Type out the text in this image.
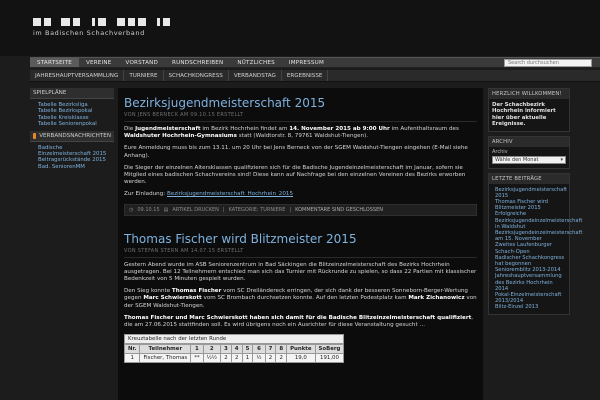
im Badischen Schachverband
STARTSEITE	VEREINE	VORSTAND	RUNDSCHREIBEN	NÜTZLICHES	IMPRESSUM
Search durchsuchen
JAHRESHAUPTVERSAMMLUNG	TURNIERE	SCHACHKONGRESS	VERBANDSTAG	ERGEBNISSE
SPIELPLÄNE
Tabelle Bezirksliga
Tabelle Bezirkspokal
Tabelle Kreisklasse
Tabelle Seniorenpokal
VERBANDSNACHRICHTEN
Badische Einzelmeisterschaft 2015
Beitragsrückstände 2015
Bad. SeniorenMM
Bezirksjugendmeisterschaft 2015
VON JENS BERNECK AM 09.10.15 ERSTELLT

Die Jugendmeisterschaft im Bezirk Hochrhein findet am 14. November 2015 ab 9:00 Uhr im Aufenthaltsraum des Waldshuter Hochrhein-Gymnasiums statt (Waldtorstr. 8, 79761 Waldshut-Tiengen).

Eure Anmeldung muss bis zum 13.11. um 20 Uhr bei Jens Berneck von der SGEM Waldshut-Tiengen eingehen (E-Mail siehe Anhang).

Die Sieger der einzelnen Altersklassen qualifizieren sich für die Badische Jugendeinzelmeisterschaft im Januar, sofern sie Mitglied eines badischen Schachvereins sind! Diese kann auf Nachfrage bei den einzelnen Vereinen des Bezirks erworben werden.

Zur Einladung: Bezirksjugendmeisterschaft_Hochrhein_2015

◷ 09.10.15 ▤ ARTIKEL DRUCKEN | KATEGORIE: TURNIERE | KOMMENTARE SIND GESCHLOSSEN
Thomas Fischer wird Blitzmeister 2015
VON STEFAN STERN AM 14.07.15 ERSTELLT

Gestern Abend wurde im ASB Seniorenzentrum in Bad Säckingen die Blitzeinzelmeisterschaft des Bezirks Hochrhein ausgetragen. Bei 12 Teilnehmern entschied man sich das Turnier mit Rückrunde zu spielen, so dass 22 Partien mit klassischer Bedenkzeit von 5 Minuten gespielt wurden.

Den Sieg konnte Thomas Fischer vom SC Dreiländereck erringen, der sich dank der besseren Sonneborn-Berger-Wertung gegen Marc Schwierskott vom SC Brombach durchsetzen konnte. Auf den letzten Podestplatz kam Mark Zichanowicz von der SGEM Waldshut-Tiengen.

Thomas Fischer und Marc Schwierskott haben sich damit für die Badische Blitzeinzelmeisterschaft qualifiziert, die am 27.06.2015 stattfinden soll. Es wird übrigens noch ein Ausrichter für diese Veranstaltung gesucht …

Kreuztabelle nach der letzten Runde
Nr.	Teilnehmer	1	2	3	4	5	6	7	8	Punkte	SoBerg
1	Fischer, Thomas	**	½½	2	2	1	½	2	2	19,0	191,00
HERZLICH WILLKOMMEN!
Der Schachbezirk Hochrhein informiert hier über aktuelle Ereignisse.
ARCHIV
Archiv
Wähle den Monat	▾
LETZTE BEITRÄGE
Bezirksjugendmeisterschaft 2015
Thomas Fischer wird Blitzmeister 2015
Erfolgreiche Bezirksjugendeinzelmeisterschaft in Waldshut
Bezirksjugendeinzelmeisterschaft am 15. November
Zweites Laufenburger Schach-Open
Badischer Schachkongress hat begonnen
Senioremblitz 2013-2014
Jahreshauptversammlung des Bezirks Hochrhein 2014
Pokal-Einzelmeisterschaft 2013/2014
Blitz-Einzel 2013
